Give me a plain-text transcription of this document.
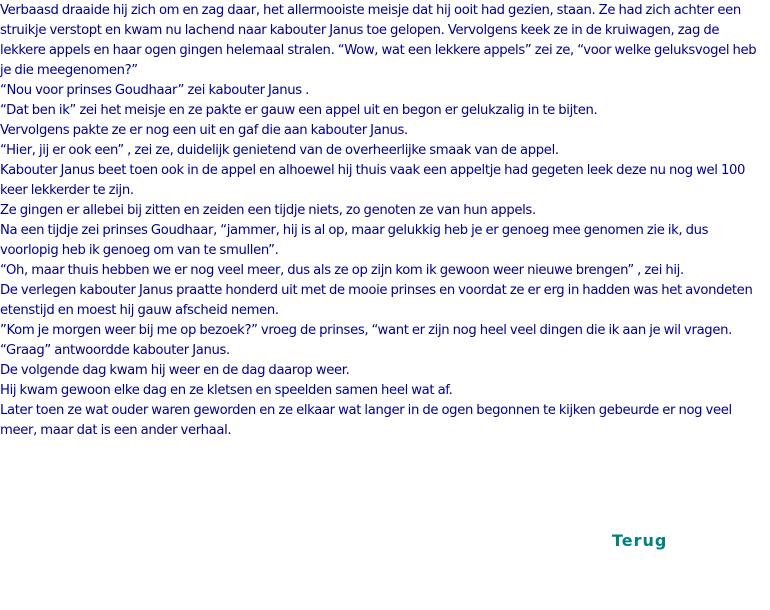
Verbaasd draaide hij zich om en zag daar, het allermooiste meisje dat hij ooit had gezien, staan. Ze had zich achter een struikje verstopt en kwam nu lachend naar kabouter Janus toe gelopen. Vervolgens keek ze in de kruiwagen, zag de lekkere appels en haar ogen gingen helemaal stralen. “Wow, wat een lekkere appels” zei ze, “voor welke geluksvogel heb je die meegenomen?”

“Nou voor prinses Goudhaar” zei kabouter Janus .

“Dat ben ik” zei het meisje en ze pakte er gauw een appel uit en begon er gelukzalig in te bijten.

Vervolgens pakte ze er nog een uit en gaf die aan kabouter Janus.

“Hier, jij er ook een” , zei ze, duidelijk genietend van de overheerlijke smaak van de appel.

Kabouter Janus beet toen ook in de appel en alhoewel hij thuis vaak een appeltje had gegeten leek deze nu nog wel 100 keer lekkerder te zijn.

Ze gingen er allebei bij zitten en zeiden een tijdje niets, zo genoten ze van hun appels.

Na een tijdje zei prinses Goudhaar, “jammer, hij is al op, maar gelukkig heb je er genoeg mee genomen zie ik, dus voorlopig heb ik genoeg om van te smullen”.

“Oh, maar thuis hebben we er nog veel meer, dus als ze op zijn kom ik gewoon weer nieuwe brengen” , zei hij.

De verlegen kabouter Janus praatte honderd uit met de mooie prinses en voordat ze er erg in hadden was het avondeten etenstijd en moest hij gauw afscheid nemen.

”Kom je morgen weer bij me op bezoek?” vroeg de prinses, “want er zijn nog heel veel dingen die ik aan je wil vragen.

“Graag” antwoordde kabouter Janus.

De volgende dag kwam hij weer en de dag daarop weer.

Hij kwam gewoon elke dag en ze kletsen en speelden samen heel wat af.

Later toen ze wat ouder waren geworden en ze elkaar wat langer in de ogen begonnen te kijken gebeurde er nog veel meer, maar dat is een ander verhaal.

Terug
